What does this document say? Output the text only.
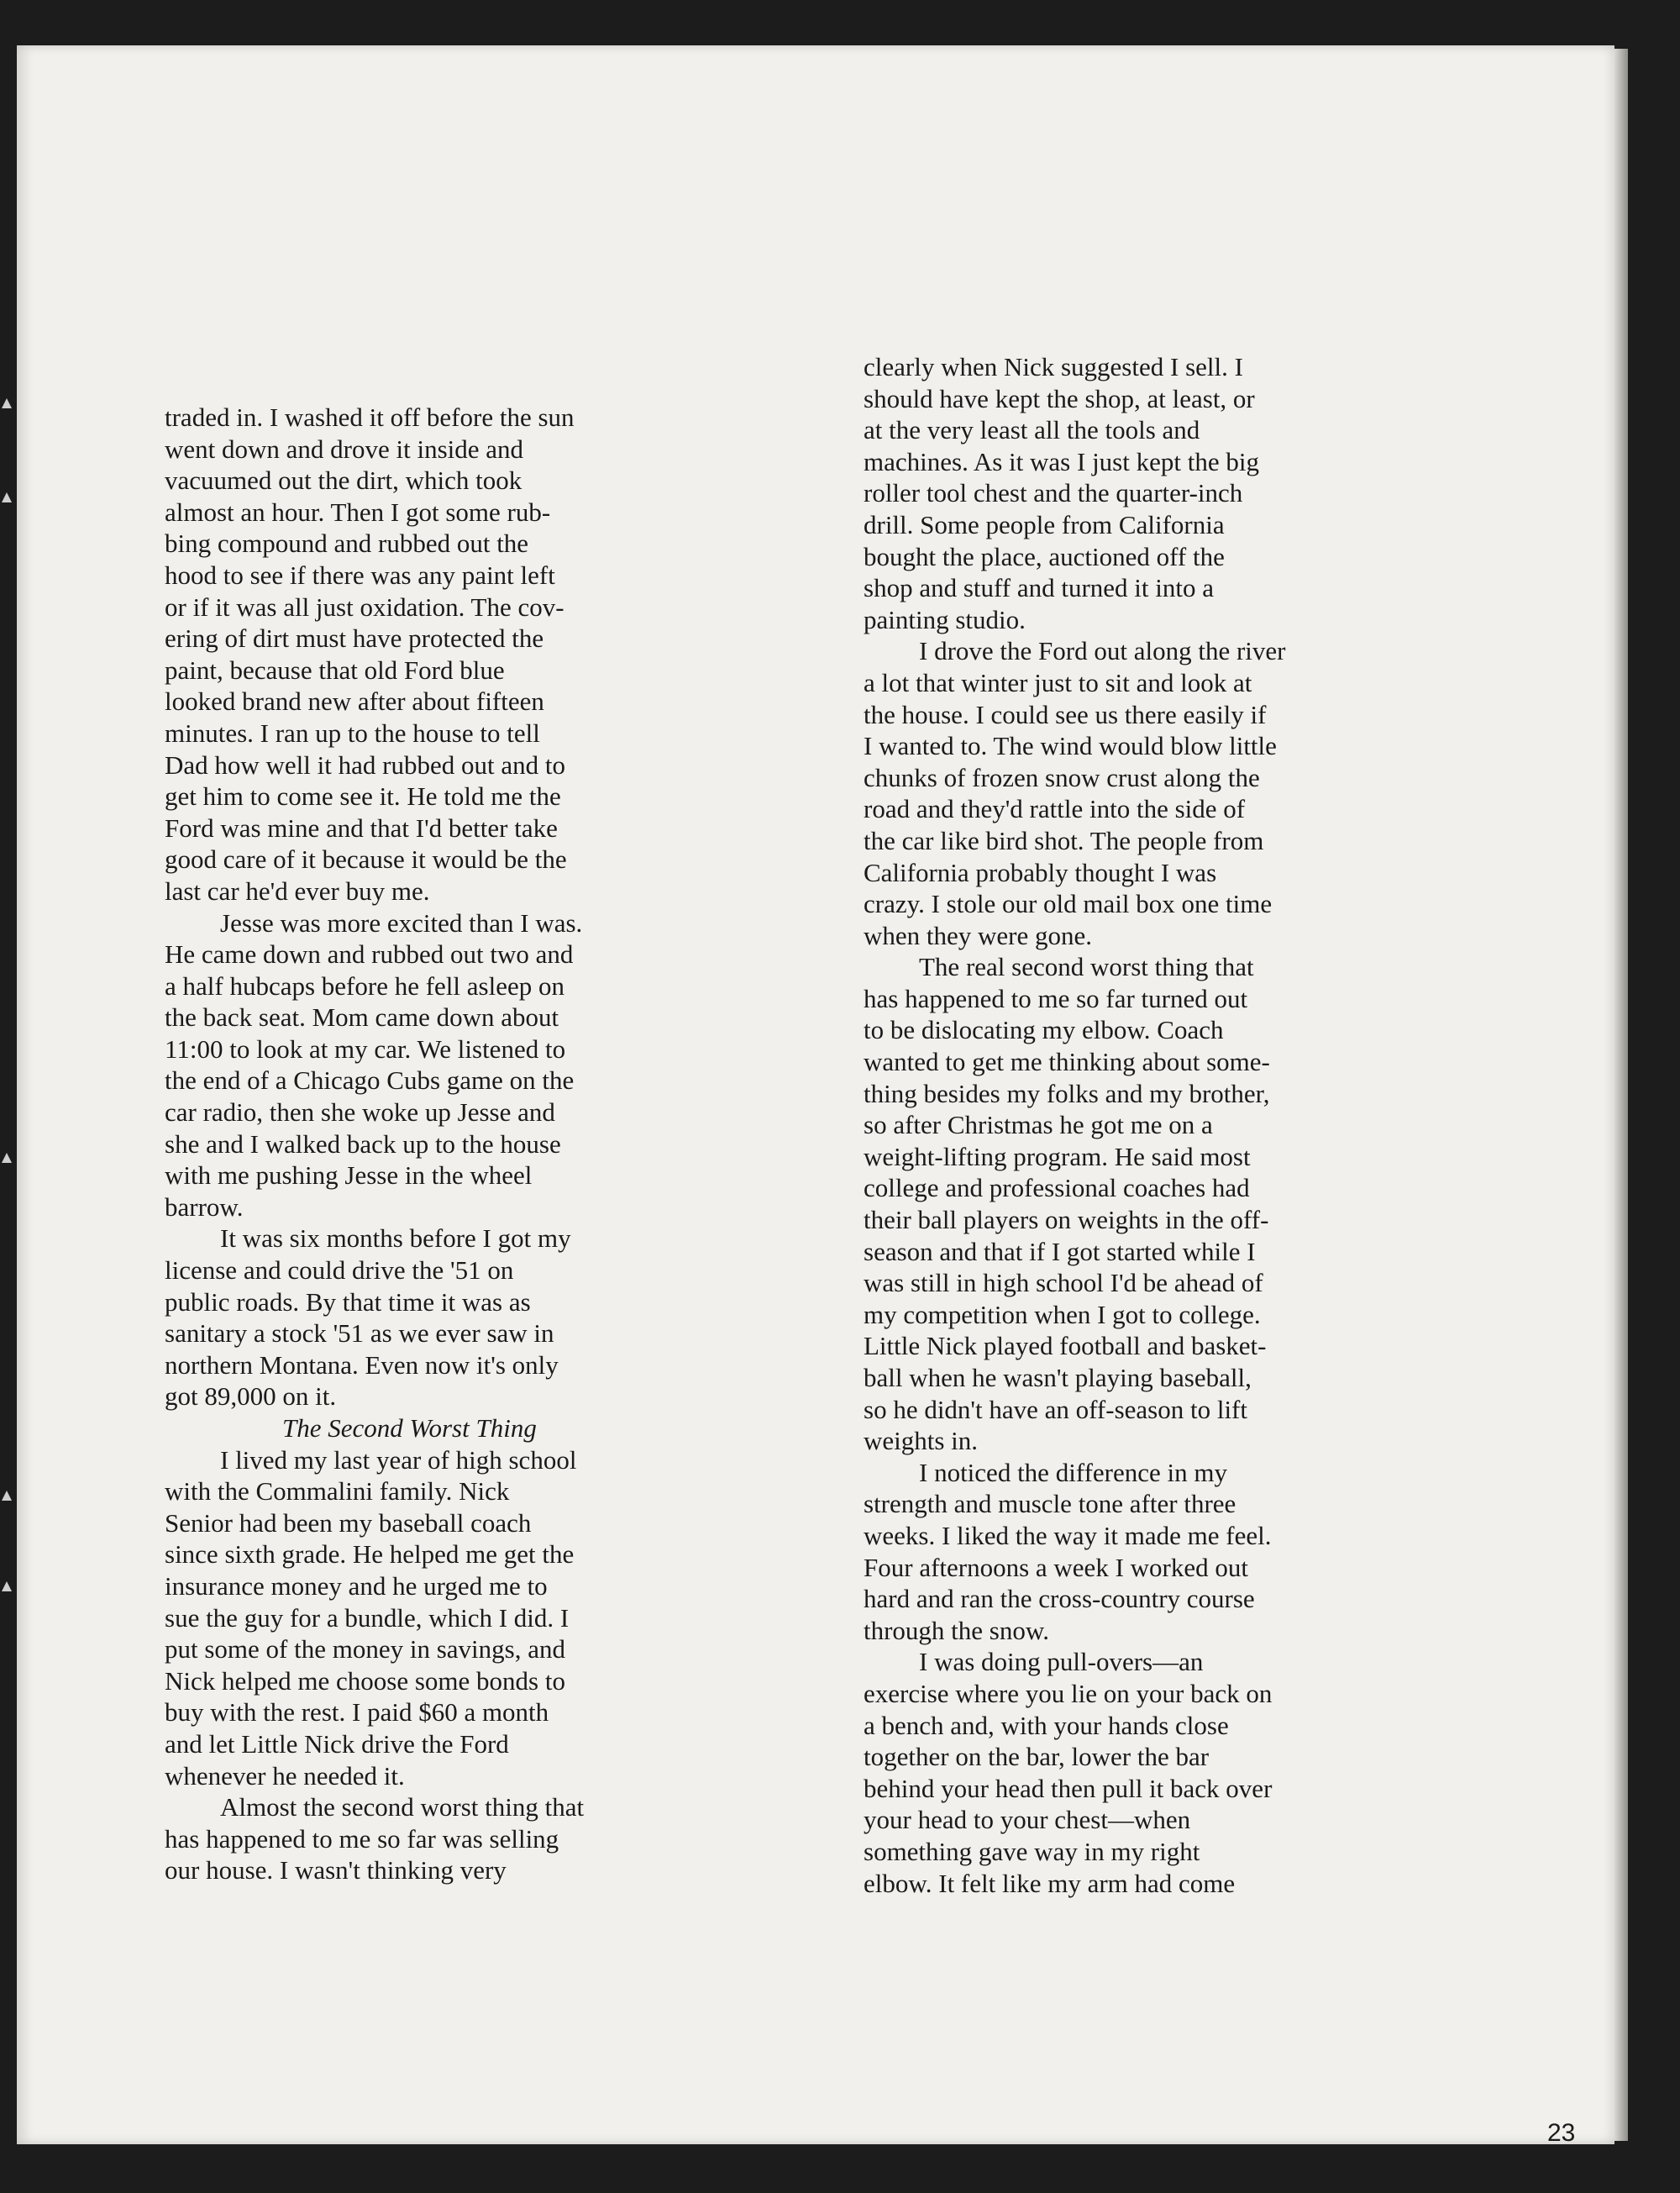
traded in. I washed it off before the sun
went down and drove it inside and
vacuumed out the dirt, which took
almost an hour. Then I got some rub-
bing compound and rubbed out the
hood to see if there was any paint left
or if it was all just oxidation. The cov-
ering of dirt must have protected the
paint, because that old Ford blue
looked brand new after about fifteen
minutes. I ran up to the house to tell
Dad how well it had rubbed out and to
get him to come see it. He told me the
Ford was mine and that I'd better take
good care of it because it would be the
last car he'd ever buy me.
Jesse was more excited than I was.
He came down and rubbed out two and
a half hubcaps before he fell asleep on
the back seat. Mom came down about
11:00 to look at my car. We listened to
the end of a Chicago Cubs game on the
car radio, then she woke up Jesse and
she and I walked back up to the house
with me pushing Jesse in the wheel
barrow.
It was six months before I got my
license and could drive the '51 on
public roads. By that time it was as
sanitary a stock '51 as we ever saw in
northern Montana. Even now it's only
got 89,000 on it.
The Second Worst Thing
I lived my last year of high school
with the Commalini family. Nick
Senior had been my baseball coach
since sixth grade. He helped me get the
insurance money and he urged me to
sue the guy for a bundle, which I did. I
put some of the money in savings, and
Nick helped me choose some bonds to
buy with the rest. I paid $60 a month
and let Little Nick drive the Ford
whenever he needed it.
Almost the second worst thing that
has happened to me so far was selling
our house. I wasn't thinking very
clearly when Nick suggested I sell. I
should have kept the shop, at least, or
at the very least all the tools and
machines. As it was I just kept the big
roller tool chest and the quarter-inch
drill. Some people from California
bought the place, auctioned off the
shop and stuff and turned it into a
painting studio.
I drove the Ford out along the river
a lot that winter just to sit and look at
the house. I could see us there easily if
I wanted to. The wind would blow little
chunks of frozen snow crust along the
road and they'd rattle into the side of
the car like bird shot. The people from
California probably thought I was
crazy. I stole our old mail box one time
when they were gone.
The real second worst thing that
has happened to me so far turned out
to be dislocating my elbow. Coach
wanted to get me thinking about some-
thing besides my folks and my brother,
so after Christmas he got me on a
weight-lifting program. He said most
college and professional coaches had
their ball players on weights in the off-
season and that if I got started while I
was still in high school I'd be ahead of
my competition when I got to college.
Little Nick played football and basket-
ball when he wasn't playing baseball,
so he didn't have an off-season to lift
weights in.
I noticed the difference in my
strength and muscle tone after three
weeks. I liked the way it made me feel.
Four afternoons a week I worked out
hard and ran the cross-country course
through the snow.
I was doing pull-overs—an
exercise where you lie on your back on
a bench and, with your hands close
together on the bar, lower the bar
behind your head then pull it back over
your head to your chest—when
something gave way in my right
elbow. It felt like my arm had come
23
